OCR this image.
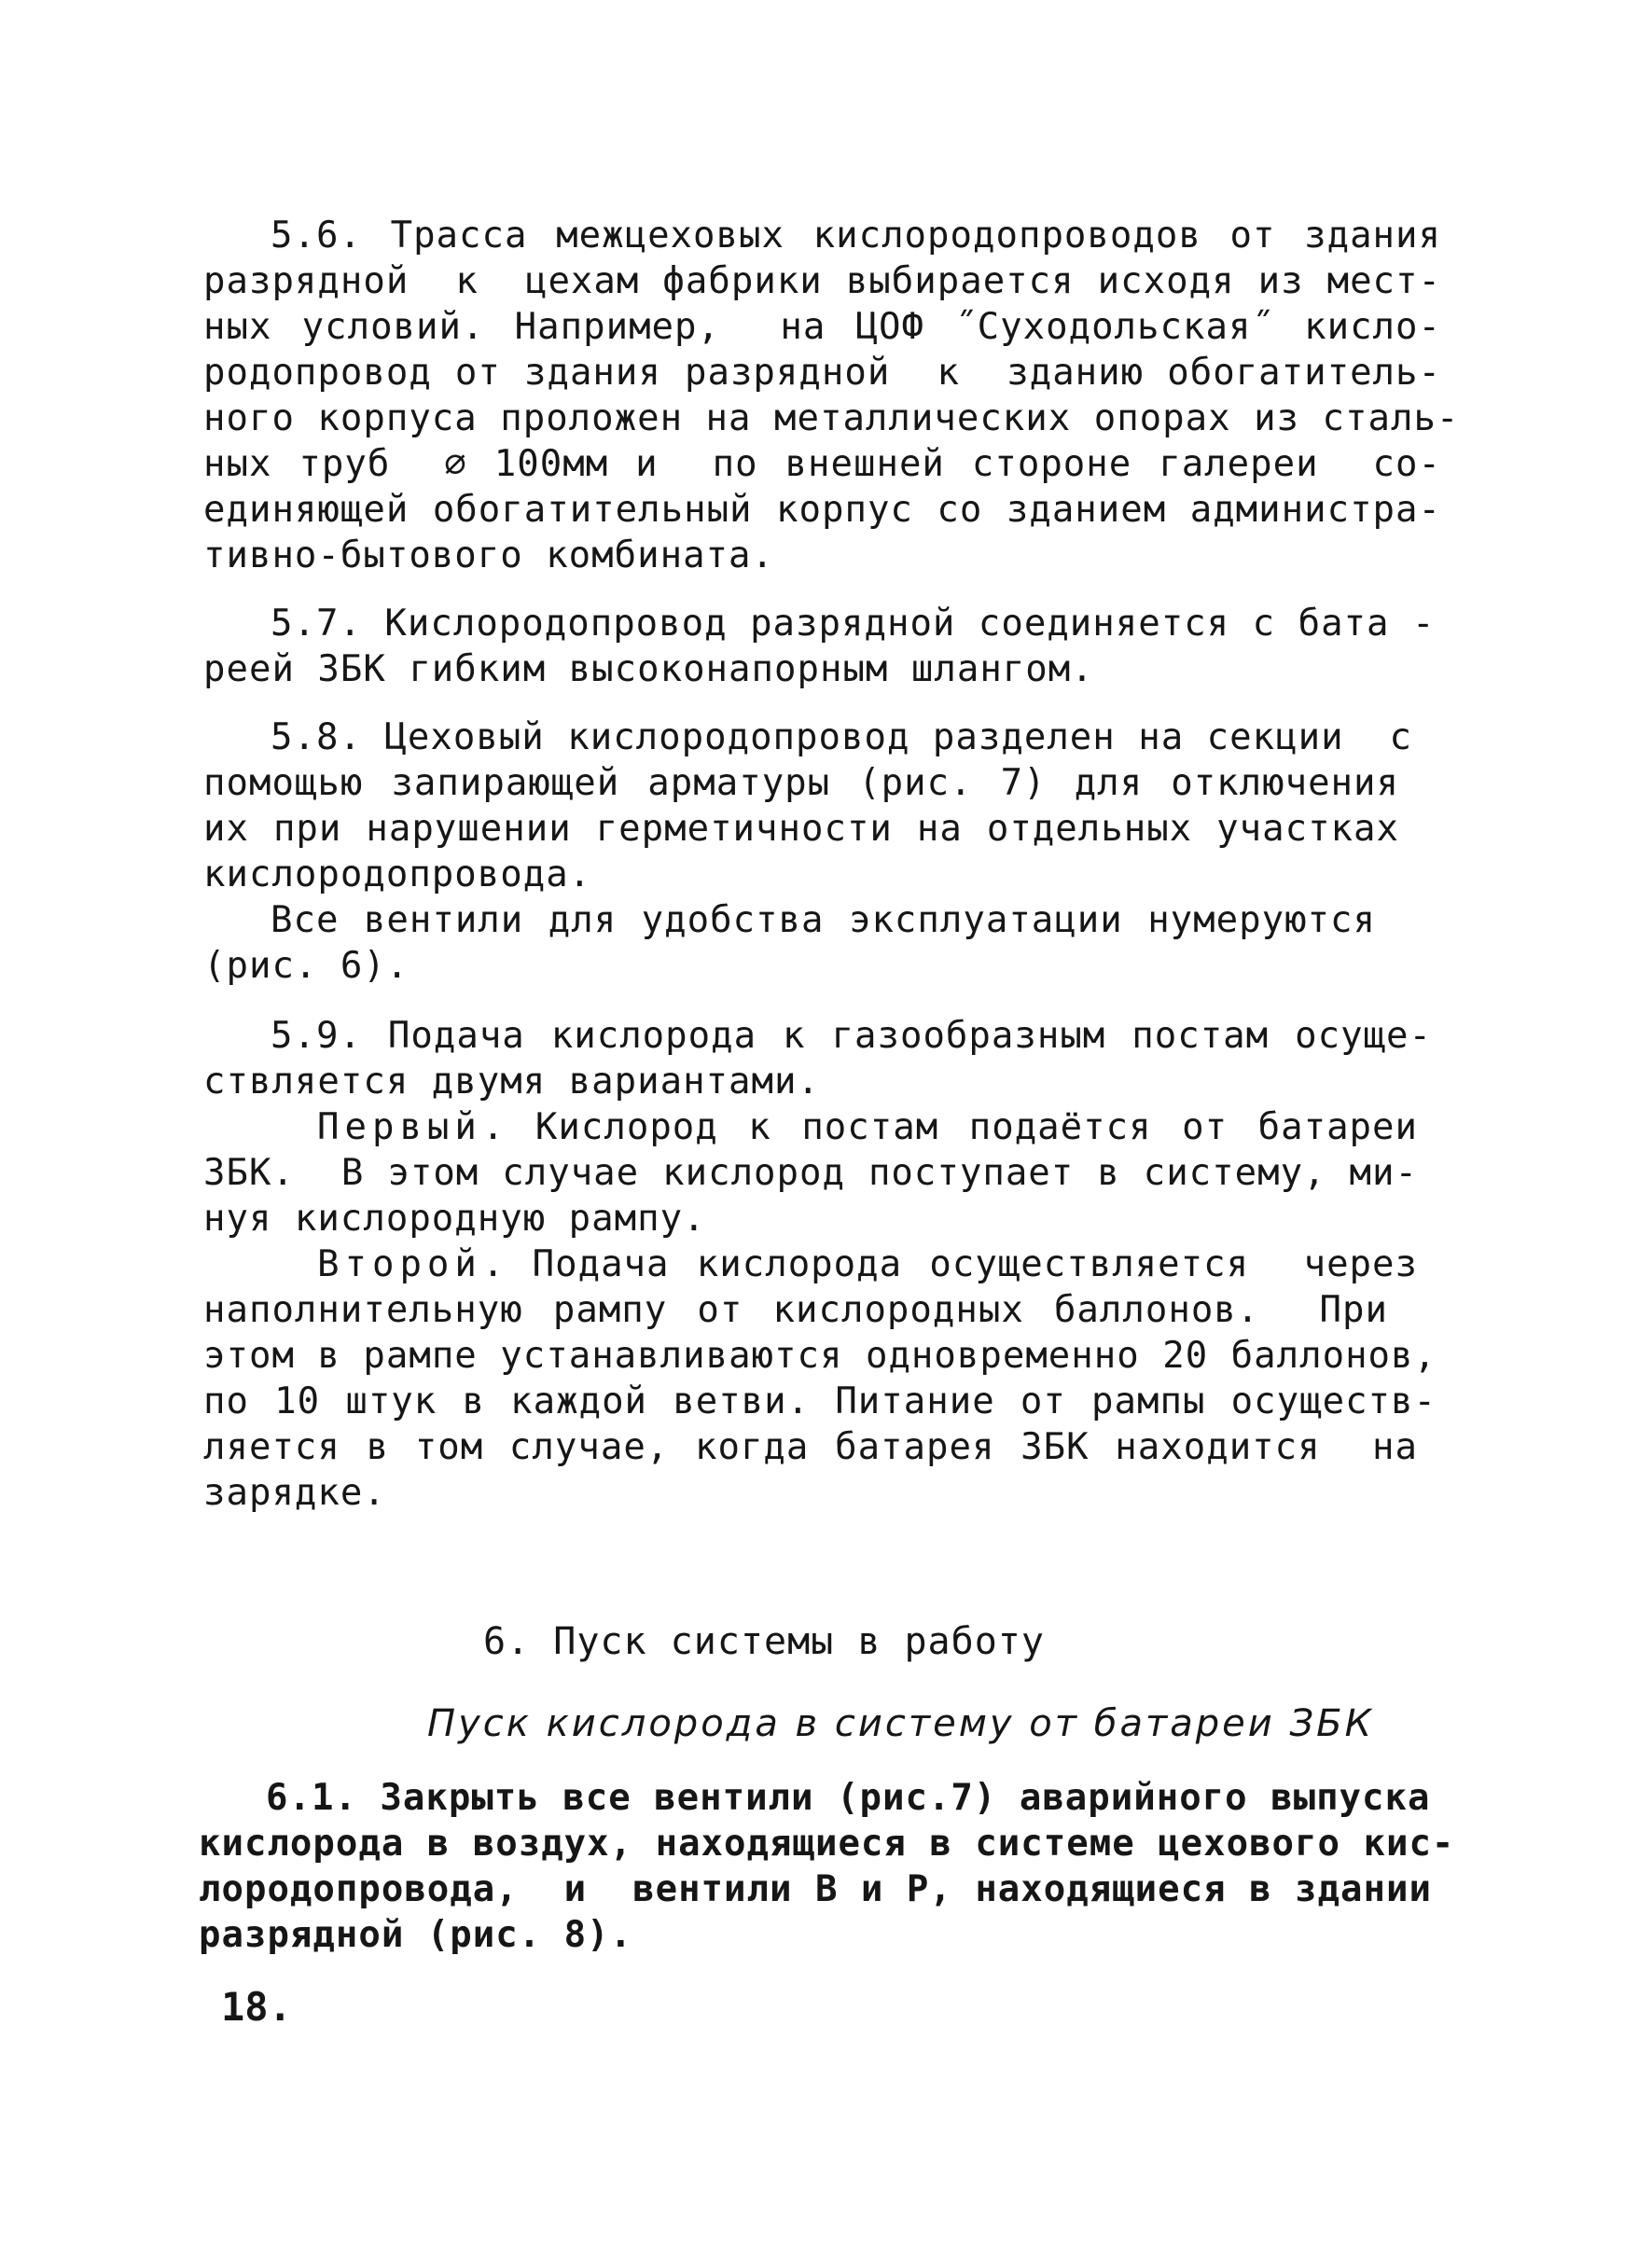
5.6. Трасса межцеховых кислородопроводов от здания
разрядной  к  цехам фабрики выбирается исходя из мест-
ных условий. Например,  на ЦОФ ˝Суходольская˝ кисло-
родопровод от здания разрядной  к  зданию обогатитель-
ного корпуса проложен на металлических опорах из сталь-
ных труб  ∅ 100мм и  по внешней стороне галереи  со-
единяющей обогатительный корпус со зданием администра-
тивно-бытового комбината.
5.7. Кислородопровод разрядной соединяется с бата -
реей ЗБК гибким высоконапорным шлангом.
5.8. Цеховый кислородопровод разделен на секции  с
помощью запирающей арматуры (рис. 7) для отключения
их при нарушении герметичности на отдельных участках
кислородопровода.
Все вентили для удобства эксплуатации нумеруются
(рис. 6).
5.9. Подача кислорода к газообразным постам осуще-
ствляется двумя вариантами.
Первый . Кислород к постам подаётся от батареи
ЗБК.  В этом случае кислород поступает в систему, ми-
нуя кислородную рампу.
Второй . Подача кислорода осуществляется  через
наполнительную рампу от кислородных баллонов.  При
этом в рампе устанавливаются одновременно 20 баллонов,
по 10 штук в каждой ветви. Питание от рампы осуществ-
ляется в том случае, когда батарея ЗБК находится  на
зарядке.
6. Пуск системы в работу
Пуск кислорода в систему от батареи ЗБК
6.1. Закрыть все вентили (рис.7) аварийного выпуска
кислорода в воздух, находящиеся в системе цехового кис-
лородопровода,  и  вентили В и Р, находящиеся в здании
разрядной (рис. 8).
18.
